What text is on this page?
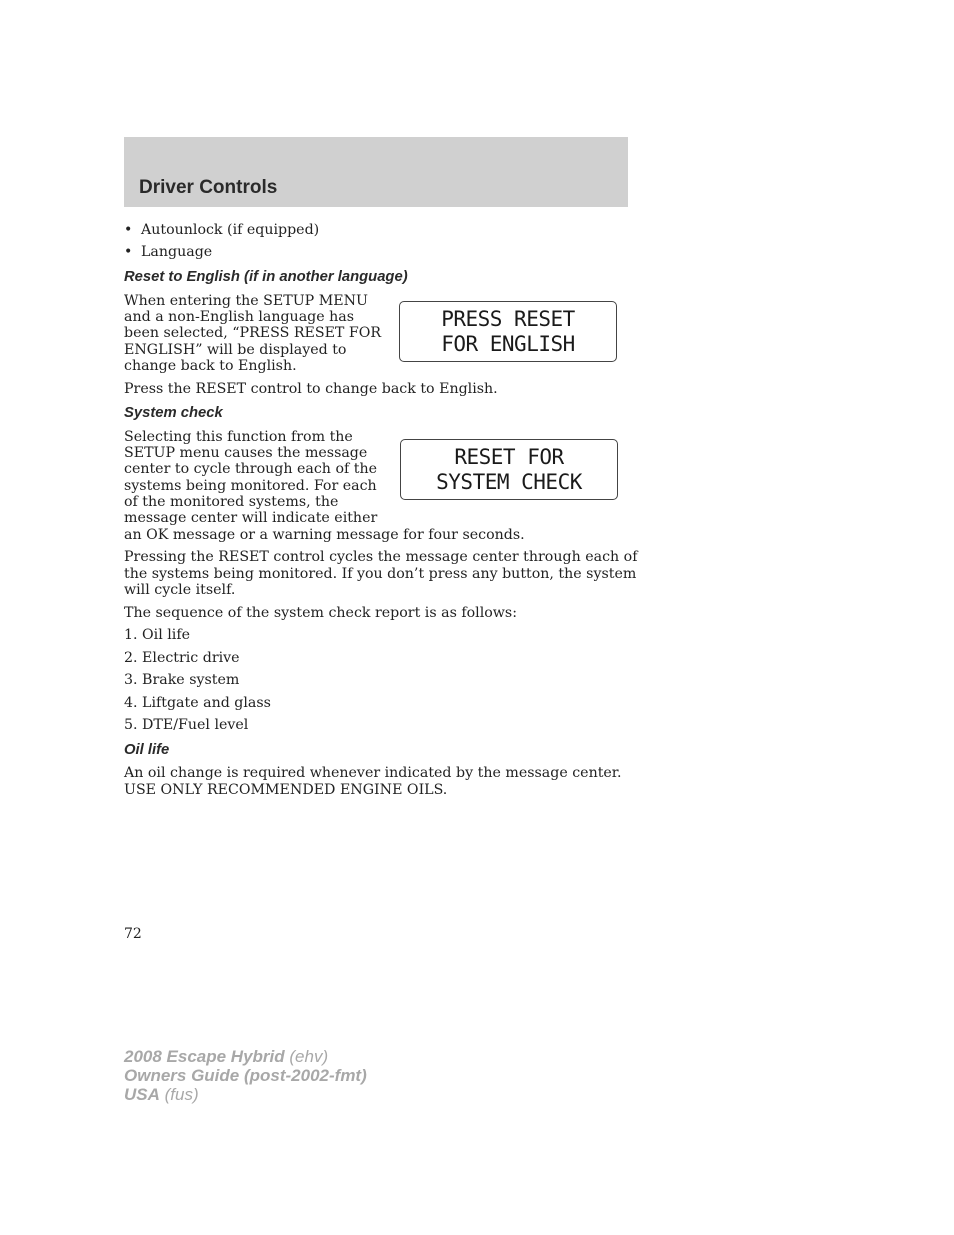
Driver Controls
• Autounlock (if equipped)
• Language
Reset to English (if in another language)
When entering the SETUP MENU
and a non-English language has
been selected, “PRESS RESET FOR
ENGLISH” will be displayed to
change back to English.
PRESS RESET
FOR ENGLISH
Press the RESET control to change back to English.
System check
Selecting this function from the
SETUP menu causes the message
center to cycle through each of the
systems being monitored. For each
of the monitored systems, the
message center will indicate either
an OK message or a warning message for four seconds.
RESET FOR
SYSTEM CHECK
Pressing the RESET control cycles the message center through each of
the systems being monitored. If you don’t press any button, the system
will cycle itself.
The sequence of the system check report is as follows:
1. Oil life
2. Electric drive
3. Brake system
4. Liftgate and glass
5. DTE/Fuel level
Oil life
An oil change is required whenever indicated by the message center.
USE ONLY RECOMMENDED ENGINE OILS.
72
2008 Escape Hybrid (ehv)
Owners Guide (post-2002-fmt)
USA (fus)
